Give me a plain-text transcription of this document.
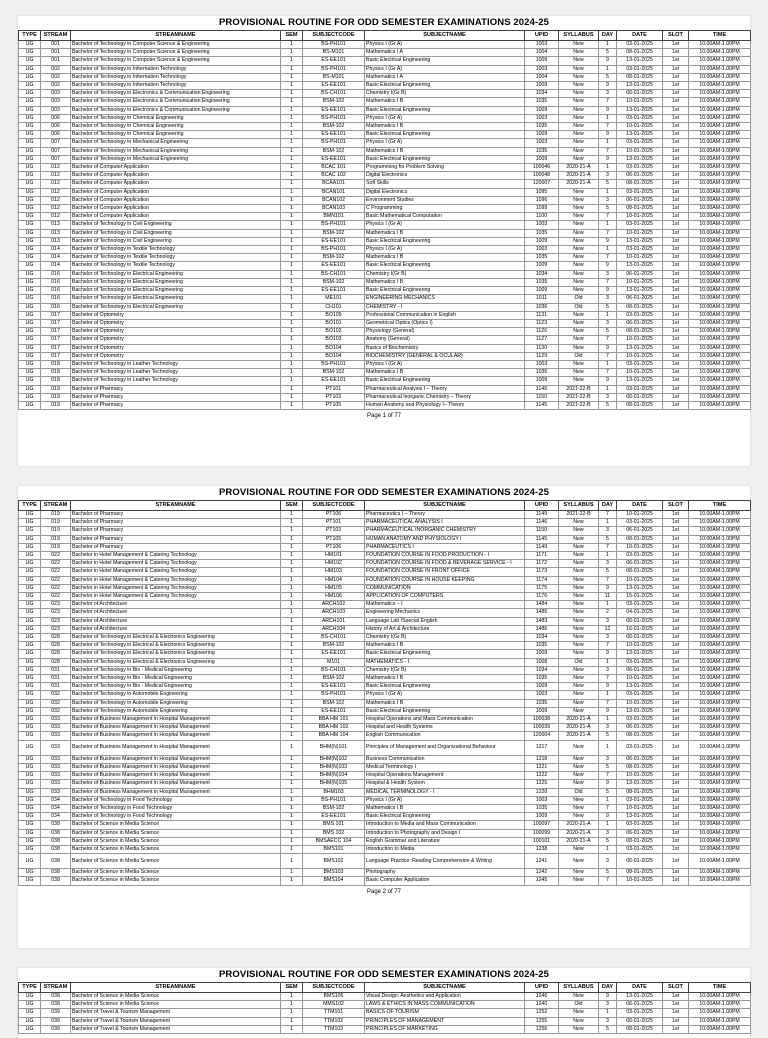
PROVISIONAL ROUTINE FOR ODD SEMESTER EXAMINATIONS 2024-25
TYPE	STREAM	STREAMNAME	SEM	SUBJECTCODE	SUBJECTNAME	UPID	SYLLABUS	DAY	DATE	SLOT	TIME
UG	001	Bachelor of Technology in Computer Science & Engineering	1	BS-PH101	Physics I (Gr A)	1003	New	1	03-01-2025	1st	10.00AM-1.00PM
UG	001	Bachelor of Technology in Computer Science & Engineering	1	BS-M101	Mathematics I A	1004	New	5	08-01-2025	1st	10.00AM-1.00PM
UG	001	Bachelor of Technology in Computer Science & Engineering	1	ES-EE101	Basic Electrical Engineering	1009	New	9	13-01-2025	1st	10.00AM-1.00PM
UG	002	Bachelor of Technology in Information Technology	1	BS-PH101	Physics I (Gr A)	1003	New	1	03-01-2025	1st	10.00AM-1.00PM
UG	002	Bachelor of Technology in Information Technology	1	BS-M101	Mathematics I A	1004	New	5	08-01-2025	1st	10.00AM-1.00PM
UG	002	Bachelor of Technology in Information Technology	1	ES-EE101	Basic Electrical Engineering	1009	New	9	13-01-2025	1st	10.00AM-1.00PM
UG	003	Bachelor of Technology in Electronics & Communication Engineering	1	BS-CH101	Chemistry I(Gr B)	1034	New	3	06-01-2025	1st	10.00AM-1.00PM
UG	003	Bachelor of Technology in Electronics & Communication Engineering	1	BSM-102	Mathematics I B	1035	New	7	10-01-2025	1st	10.00AM-1.00PM
UG	003	Bachelor of Technology in Electronics & Communication Engineering	1	ES-EE101	Basic Electrical Engineering	1009	New	9	13-01-2025	1st	10.00AM-1.00PM
UG	006	Bachelor of Technology in Chemical Engineering	1	BS-PH101	Physics I (Gr A)	1003	New	1	03-01-2025	1st	10.00AM-1.00PM
UG	006	Bachelor of Technology in Chemical Engineering	1	BSM-102	Mathematics I B	1035	New	7	10-01-2025	1st	10.00AM-1.00PM
UG	006	Bachelor of Technology in Chemical Engineering	1	ES-EE101	Basic Electrical Engineering	1009	New	9	13-01-2025	1st	10.00AM-1.00PM
UG	007	Bachelor of Technology in Mechanical Engineering	1	BS-PH101	Physics I (Gr A)	1003	New	1	03-01-2025	1st	10.00AM-1.00PM
UG	007	Bachelor of Technology in Mechanical Engineering	1	BSM-102	Mathematics I B	1035	New	7	10-01-2025	1st	10.00AM-1.00PM
UG	007	Bachelor of Technology in Mechanical Engineering	1	ES-EE101	Basic Electrical Engineering	1009	New	9	13-01-2025	1st	10.00AM-1.00PM
UG	012	Bachelor of Computer Application	1	BCAC 101	Programming for Problem Solving	100046	2020-21-A	1	03-01-2025	1st	10.00AM-1.00PM
UG	012	Bachelor of Computer Application	1	BCAC 102	Digital Electronics	100048	2020-21-A	3	06-01-2025	1st	10.00AM-1.00PM
UG	012	Bachelor of Computer Application	1	BCAA101	Soft Skills	120007	2020-21-A	5	08-01-2025	1st	10.00AM-1.00PM
UG	012	Bachelor of Computer Application	1	BCAN101	Digital Electronics	1095	New	1	03-01-2025	1st	10.00AM-1.00PM
UG	012	Bachelor of Computer Application	1	BCAN102	Environment Studies	1096	New	3	06-01-2025	1st	10.00AM-1.00PM
UG	012	Bachelor of Computer Application	1	BCAN103	C Programming	1099	New	5	08-01-2025	1st	10.00AM-1.00PM
UG	012	Bachelor of Computer Application	1	BMN101	Basic Mathematical Computation	1100	New	7	10-01-2025	1st	10.00AM-1.00PM
UG	013	Bachelor of Technology in Civil Engineering	1	BS-PH101	Physics I (Gr A)	1003	New	1	03-01-2025	1st	10.00AM-1.00PM
UG	013	Bachelor of Technology in Civil Engineering	1	BSM-102	Mathematics I B	1035	New	7	10-01-2025	1st	10.00AM-1.00PM
UG	013	Bachelor of Technology in Civil Engineering	1	ES-EE101	Basic Electrical Engineering	1009	New	9	13-01-2025	1st	10.00AM-1.00PM
UG	014	Bachelor of Technology in Textile Technology	1	BS-PH101	Physics I (Gr A)	1003	New	1	03-01-2025	1st	10.00AM-1.00PM
UG	014	Bachelor of Technology in Textile Technology	1	BSM-102	Mathematics I B	1035	New	7	10-01-2025	1st	10.00AM-1.00PM
UG	014	Bachelor of Technology in Textile Technology	1	ES-EE101	Basic Electrical Engineering	1009	New	9	13-01-2025	1st	10.00AM-1.00PM
UG	016	Bachelor of Technology in Electrical Engineering	1	BS-CH101	Chemistry I(Gr B)	1034	New	3	06-01-2025	1st	10.00AM-1.00PM
UG	016	Bachelor of Technology in Electrical Engineering	1	BSM-102	Mathematics I B	1035	New	7	10-01-2025	1st	10.00AM-1.00PM
UG	016	Bachelor of Technology in Electrical Engineering	1	ES-EE101	Basic Electrical Engineering	1009	New	9	13-01-2025	1st	10.00AM-1.00PM
UG	016	Bachelor of Technology in Electrical Engineering	1	ME101	ENGINEERING MECHANICS	1011	Old	3	06-01-2025	1st	10.00AM-1.00PM
UG	016	Bachelor of Technology in Electrical Engineering	1	CH101	CHEMISTRY - I	1036	Old	5	08-01-2025	1st	10.00AM-1.00PM
UG	017	Bachelor of Optometry	1	BO105	Professional Communication in English	1131	New	1	03-01-2025	1st	10.00AM-1.00PM
UG	017	Bachelor of Optometry	1	BO101	Geometrical Optics (Optics I)	1123	New	3	06-01-2025	1st	10.00AM-1.00PM
UG	017	Bachelor of Optometry	1	BO102	Physiology (General)	1126	New	5	08-01-2025	1st	10.00AM-1.00PM
UG	017	Bachelor of Optometry	1	BO103	Anatomy (General)	1127	New	7	10-01-2025	1st	10.00AM-1.00PM
UG	017	Bachelor of Optometry	1	BO104	Basics of Biochemistry	1130	New	9	13-01-2025	1st	10.00AM-1.00PM
UG	017	Bachelor of Optometry	1	BO104	BIOCHEMISTRY (GENERAL & OCULAR)	1129	Old	7	10-01-2025	1st	10.00AM-1.00PM
UG	018	Bachelor of Technology in Leather Technology	1	BS-PH101	Physics I (Gr A)	1003	New	1	03-01-2025	1st	10.00AM-1.00PM
UG	018	Bachelor of Technology in Leather Technology	1	BSM-102	Mathematics I B	1035	New	7	10-01-2025	1st	10.00AM-1.00PM
UG	018	Bachelor of Technology in Leather Technology	1	ES-EE101	Basic Electrical Engineering	1009	New	9	13-01-2025	1st	10.00AM-1.00PM
UG	019	Bachelor of Pharmacy	1	PT101	Pharmaceutical Analysis I – Theory	1146	2021-22-B	1	03-01-2025	1st	10.00AM-1.00PM
UG	019	Bachelor of Pharmacy	1	PT103	Pharmaceutical Inorganic Chemistry – Theory	1150	2021-22-B	3	06-01-2025	1st	10.00AM-1.00PM
UG	019	Bachelor of Pharmacy	1	PT105	Human Anatomy and Physiology I– Theory	1145	2021-22-B	5	08-01-2025	1st	10.00AM-1.00PM
Page 1 of 77
PROVISIONAL ROUTINE FOR ODD SEMESTER EXAMINATIONS 2024-25
TYPE	STREAM	STREAMNAME	SEM	SUBJECTCODE	SUBJECTNAME	UPID	SYLLABUS	DAY	DATE	SLOT	TIME
UG	019	Bachelor of Pharmacy	1	PT106	Pharmaceutics I – Theory	1149	2021-22-B	7	10-01-2025	1st	10.00AM-1.00PM
UG	019	Bachelor of Pharmacy	1	PT101	PHARMACEUTICAL ANALYSIS I	1146	New	1	03-01-2025	1st	10.00AM-1.00PM
UG	019	Bachelor of Pharmacy	1	PT103	PHARMACEUTICAL INORGANIC CHEMISTRY	1150	New	3	06-01-2025	1st	10.00AM-1.00PM
UG	019	Bachelor of Pharmacy	1	PT105	HUMAN ANATOMY AND PHYSIOLOGY I	1145	New	5	08-01-2025	1st	10.00AM-1.00PM
UG	019	Bachelor of Pharmacy	1	PT106	PHARMACEUTICS I	1149	New	7	10-01-2025	1st	10.00AM-1.00PM
UG	022	Bachelor in Hotel Management & Catering Technology	1	HM101	FOUNDATION COURSE IN FOOD PRODUCTION - I	1171	New	1	03-01-2025	1st	10.00AM-1.00PM
UG	022	Bachelor in Hotel Management & Catering Technology	1	HM102	FOUNDATION COURSE IN FOOD & BEVERAGE SERVICE - I	1172	New	3	06-01-2025	1st	10.00AM-1.00PM
UG	022	Bachelor in Hotel Management & Catering Technology	1	HM103	FOUNDATION COURSE IN FRONT OFFICE	1173	New	5	08-01-2025	1st	10.00AM-1.00PM
UG	022	Bachelor in Hotel Management & Catering Technology	1	HM104	FOUNDATION COURSE IN HOUSE KEEPING	1174	New	7	10-01-2025	1st	10.00AM-1.00PM
UG	022	Bachelor in Hotel Management & Catering Technology	1	HM105	COMMUNICATION	1175	New	9	13-01-2025	1st	10.00AM-1.00PM
UG	022	Bachelor in Hotel Management & Catering Technology	1	HM106	APPLICATION OF COMPUTERS	1176	New	11	15-01-2025	1st	10.00AM-1.00PM
UG	023	Bachelor of Architecture	1	ARCH102	Mathematics – I	1484	New	1	03-01-2025	1st	10.00AM-1.00PM
UG	023	Bachelor of Architecture	1	ARCH103	Engineering Mechanics	1485	New	2	04-01-2025	1st	10.00AM-1.00PM
UG	023	Bachelor of Architecture	1	ARCH101	Language Lab /Special English	1483	New	3	06-01-2025	1st	10.00AM-1.00PM
UG	023	Bachelor of Architecture	1	ARCH104	History of Art & Architecture	1486	New	12	16-01-2025	1st	10.00AM-1.00PM
UG	028	Bachelor of Technology in Electrical & Electronics Engineering	1	BS-CH101	Chemistry I(Gr B)	1034	New	3	06-01-2025	1st	10.00AM-1.00PM
UG	028	Bachelor of Technology in Electrical & Electronics Engineering	1	BSM-102	Mathematics I B	1035	New	7	10-01-2025	1st	10.00AM-1.00PM
UG	028	Bachelor of Technology in Electrical & Electronics Engineering	1	ES-EE101	Basic Electrical Engineering	1009	New	9	13-01-2025	1st	10.00AM-1.00PM
UG	028	Bachelor of Technology in Electrical & Electronics Engineering	1	M101	MATHEMATICS - I	1008	Old	1	03-01-2025	1st	10.00AM-1.00PM
UG	031	Bachelor of Technology in Bio - Medical Engineering	1	BS-CH101	Chemistry I(Gr B)	1034	New	3	06-01-2025	1st	10.00AM-1.00PM
UG	031	Bachelor of Technology in Bio - Medical Engineering	1	BSM-102	Mathematics I B	1035	New	7	10-01-2025	1st	10.00AM-1.00PM
UG	031	Bachelor of Technology in Bio - Medical Engineering	1	ES-EE101	Basic Electrical Engineering	1009	New	9	13-01-2025	1st	10.00AM-1.00PM
UG	032	Bachelor of Technology in Automobile Engineering	1	BS-PH101	Physics I (Gr A)	1003	New	1	03-01-2025	1st	10.00AM-1.00PM
UG	032	Bachelor of Technology in Automobile Engineering	1	BSM-102	Mathematics I B	1035	New	7	10-01-2025	1st	10.00AM-1.00PM
UG	032	Bachelor of Technology in Automobile Engineering	1	ES-EE101	Basic Electrical Engineering	1009	New	9	13-01-2025	1st	10.00AM-1.00PM
UG	033	Bachelor of Business Management in Hospital Management	1	BBA HM 101	Hospital Operations and Mass Communication	100038	2020-21-A	1	03-01-2025	1st	10.00AM-1.00PM
UG	033	Bachelor of Business Management in Hospital Management	1	BBA HM 102	Hospital and Health Systems	100039	2020-21-A	3	06-01-2025	1st	10.00AM-1.00PM
UG	033	Bachelor of Business Management in Hospital Management	1	BBA HM 104	English Communication	120004	2020-21-A	5	08-01-2025	1st	10.00AM-1.00PM
UG	033	Bachelor of Business Management in Hospital Management	1	BHM(N)101	Principles of Management and Organizational Behaviour	1217	New	1	03-01-2025	1st	10.00AM-1.00PM
UG	033	Bachelor of Business Management in Hospital Management	1	BHM(N)102	Business Communication	1218	New	3	06-01-2025	1st	10.00AM-1.00PM
UG	033	Bachelor of Business Management in Hospital Management	1	BHM(N)103	Medical Terminology I	1221	New	5	08-01-2025	1st	10.00AM-1.00PM
UG	033	Bachelor of Business Management in Hospital Management	1	BHM(N)104	Hospital Operations Management	1222	New	7	10-01-2025	1st	10.00AM-1.00PM
UG	033	Bachelor of Business Management in Hospital Management	1	BHM(N)105	Hospital & Health System	1225	New	9	13-01-2025	1st	10.00AM-1.00PM
UG	033	Bachelor of Business Management in Hospital Management	1	BHM103	MEDICAL TERMINOLOGY - I	1220	Old	5	08-01-2025	1st	10.00AM-1.00PM
UG	034	Bachelor of Technology in Food Technology	1	BS-PH101	Physics I (Gr A)	1003	New	1	03-01-2025	1st	10.00AM-1.00PM
UG	034	Bachelor of Technology in Food Technology	1	BSM-102	Mathematics I B	1035	New	7	10-01-2025	1st	10.00AM-1.00PM
UG	034	Bachelor of Technology in Food Technology	1	ES-EE101	Basic Electrical Engineering	1009	New	9	13-01-2025	1st	10.00AM-1.00PM
UG	038	Bachelor of Science in Media Science	1	BMS 101	Introduction to Media and Mass Communication	100097	2020-21-A	1	03-01-2025	1st	10.00AM-1.00PM
UG	038	Bachelor of Science in Media Science	1	BMS 102	Introduction to Photography and Design I	100099	2020-21-A	3	06-01-2025	1st	10.00AM-1.00PM
UG	038	Bachelor of Science in Media Science	1	BMSAECC 104	English Grammar and Literature	100101	2020-21-A	5	08-01-2025	1st	10.00AM-1.00PM
UG	038	Bachelor of Science in Media Science	1	BMS101	Introduction to Media	1238	New	1	03-01-2025	1st	10.00AM-1.00PM
UG	038	Bachelor of Science in Media Science	1	BMS102	Language Practice: Reading Comprehension & Writing	1241	New	3	06-01-2025	1st	10.00AM-1.00PM
UG	038	Bachelor of Science in Media Science	1	BMS103	Photography	1242	New	5	08-01-2025	1st	10.00AM-1.00PM
UG	038	Bachelor of Science in Media Science	1	BMS104	Basic Computer Application	1245	New	7	10-01-2025	1st	10.00AM-1.00PM
Page 2 of 77
PROVISIONAL ROUTINE FOR ODD SEMESTER EXAMINATIONS 2024-25
TYPE	STREAM	STREAMNAME	SEM	SUBJECTCODE	SUBJECTNAME	UPID	SYLLABUS	DAY	DATE	SLOT	TIME
UG	038	Bachelor of Science in Media Science	1	BMS105	Visual Design: Aesthetics and Application	1246	New	9	13-01-2025	1st	10.00AM-1.00PM
UG	038	Bachelor of Science in Media Science	1	MMS102	LAWS & ETHICS IN MASS COMMUNICATION	1240	Old	3	06-01-2025	1st	10.00AM-1.00PM
UG	039	Bachelor of Travel & Tourism Management	1	TTM101	BASICS OF TOURISM	1252	New	1	03-01-2025	1st	10.00AM-1.00PM
UG	039	Bachelor of Travel & Tourism Management	1	TTM102	PRINCIPLES OF MANAGEMENT	1255	New	3	06-01-2025	1st	10.00AM-1.00PM
UG	039	Bachelor of Travel & Tourism Management	1	TTM103	PRINCIPLES OF MARKETING	1256	New	5	08-01-2025	1st	10.00AM-1.00PM
